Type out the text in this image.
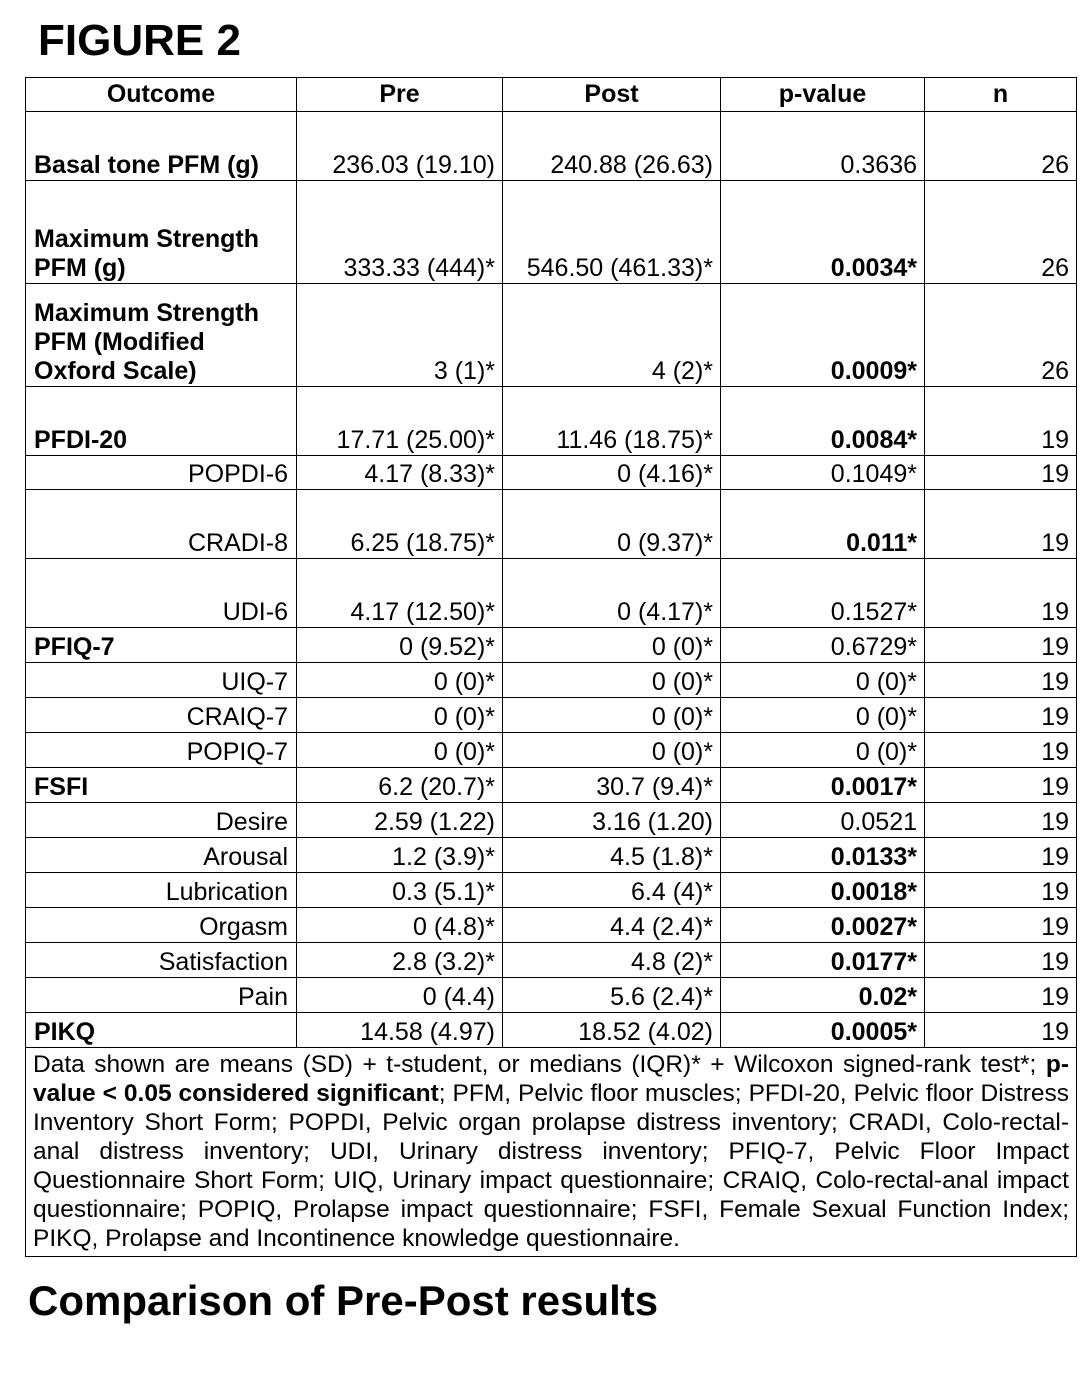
FIGURE 2
Outcome	Pre	Post	p-value	n
Basal tone PFM (g)	236.03 (19.10)	240.88 (26.63)	0.3636	26
Maximum Strength PFM (g)	333.33 (444)*	546.50 (461.33)*	0.0034*	26
Maximum Strength PFM (Modified Oxford Scale)	3 (1)*	4 (2)*	0.0009*	26
PFDI-20	17.71 (25.00)*	11.46 (18.75)*	0.0084*	19
POPDI-6	4.17 (8.33)*	0 (4.16)*	0.1049*	19
CRADI-8	6.25 (18.75)*	0 (9.37)*	0.011*	19
UDI-6	4.17 (12.50)*	0 (4.17)*	0.1527*	19
PFIQ-7	0 (9.52)*	0 (0)*	0.6729*	19
UIQ-7	0 (0)*	0 (0)*	0 (0)*	19
CRAIQ-7	0 (0)*	0 (0)*	0 (0)*	19
POPIQ-7	0 (0)*	0 (0)*	0 (0)*	19
FSFI	6.2 (20.7)*	30.7 (9.4)*	0.0017*	19
Desire	2.59 (1.22)	3.16 (1.20)	0.0521	19
Arousal	1.2 (3.9)*	4.5 (1.8)*	0.0133*	19
Lubrication	0.3 (5.1)*	6.4 (4)*	0.0018*	19
Orgasm	0 (4.8)*	4.4 (2.4)*	0.0027*	19
Satisfaction	2.8 (3.2)*	4.8 (2)*	0.0177*	19
Pain	0 (4.4)	5.6 (2.4)*	0.02*	19
PIKQ	14.58 (4.97)	18.52 (4.02)	0.0005*	19
Data shown are means (SD) + t-student, or medians (IQR)* + Wilcoxon signed-rank test*; p-value < 0.05 considered significant; PFM, Pelvic floor muscles; PFDI-20, Pelvic floor Distress Inventory Short Form; POPDI, Pelvic organ prolapse distress inventory; CRADI, Colo-rectal-anal distress inventory; UDI, Urinary distress inventory; PFIQ-7, Pelvic Floor Impact Questionnaire Short Form; UIQ, Urinary impact questionnaire; CRAIQ, Colo-rectal-anal impact questionnaire; POPIQ, Prolapse impact questionnaire; FSFI, Female Sexual Function Index; PIKQ, Prolapse and Incontinence knowledge questionnaire.				
Comparison of Pre-Post results
